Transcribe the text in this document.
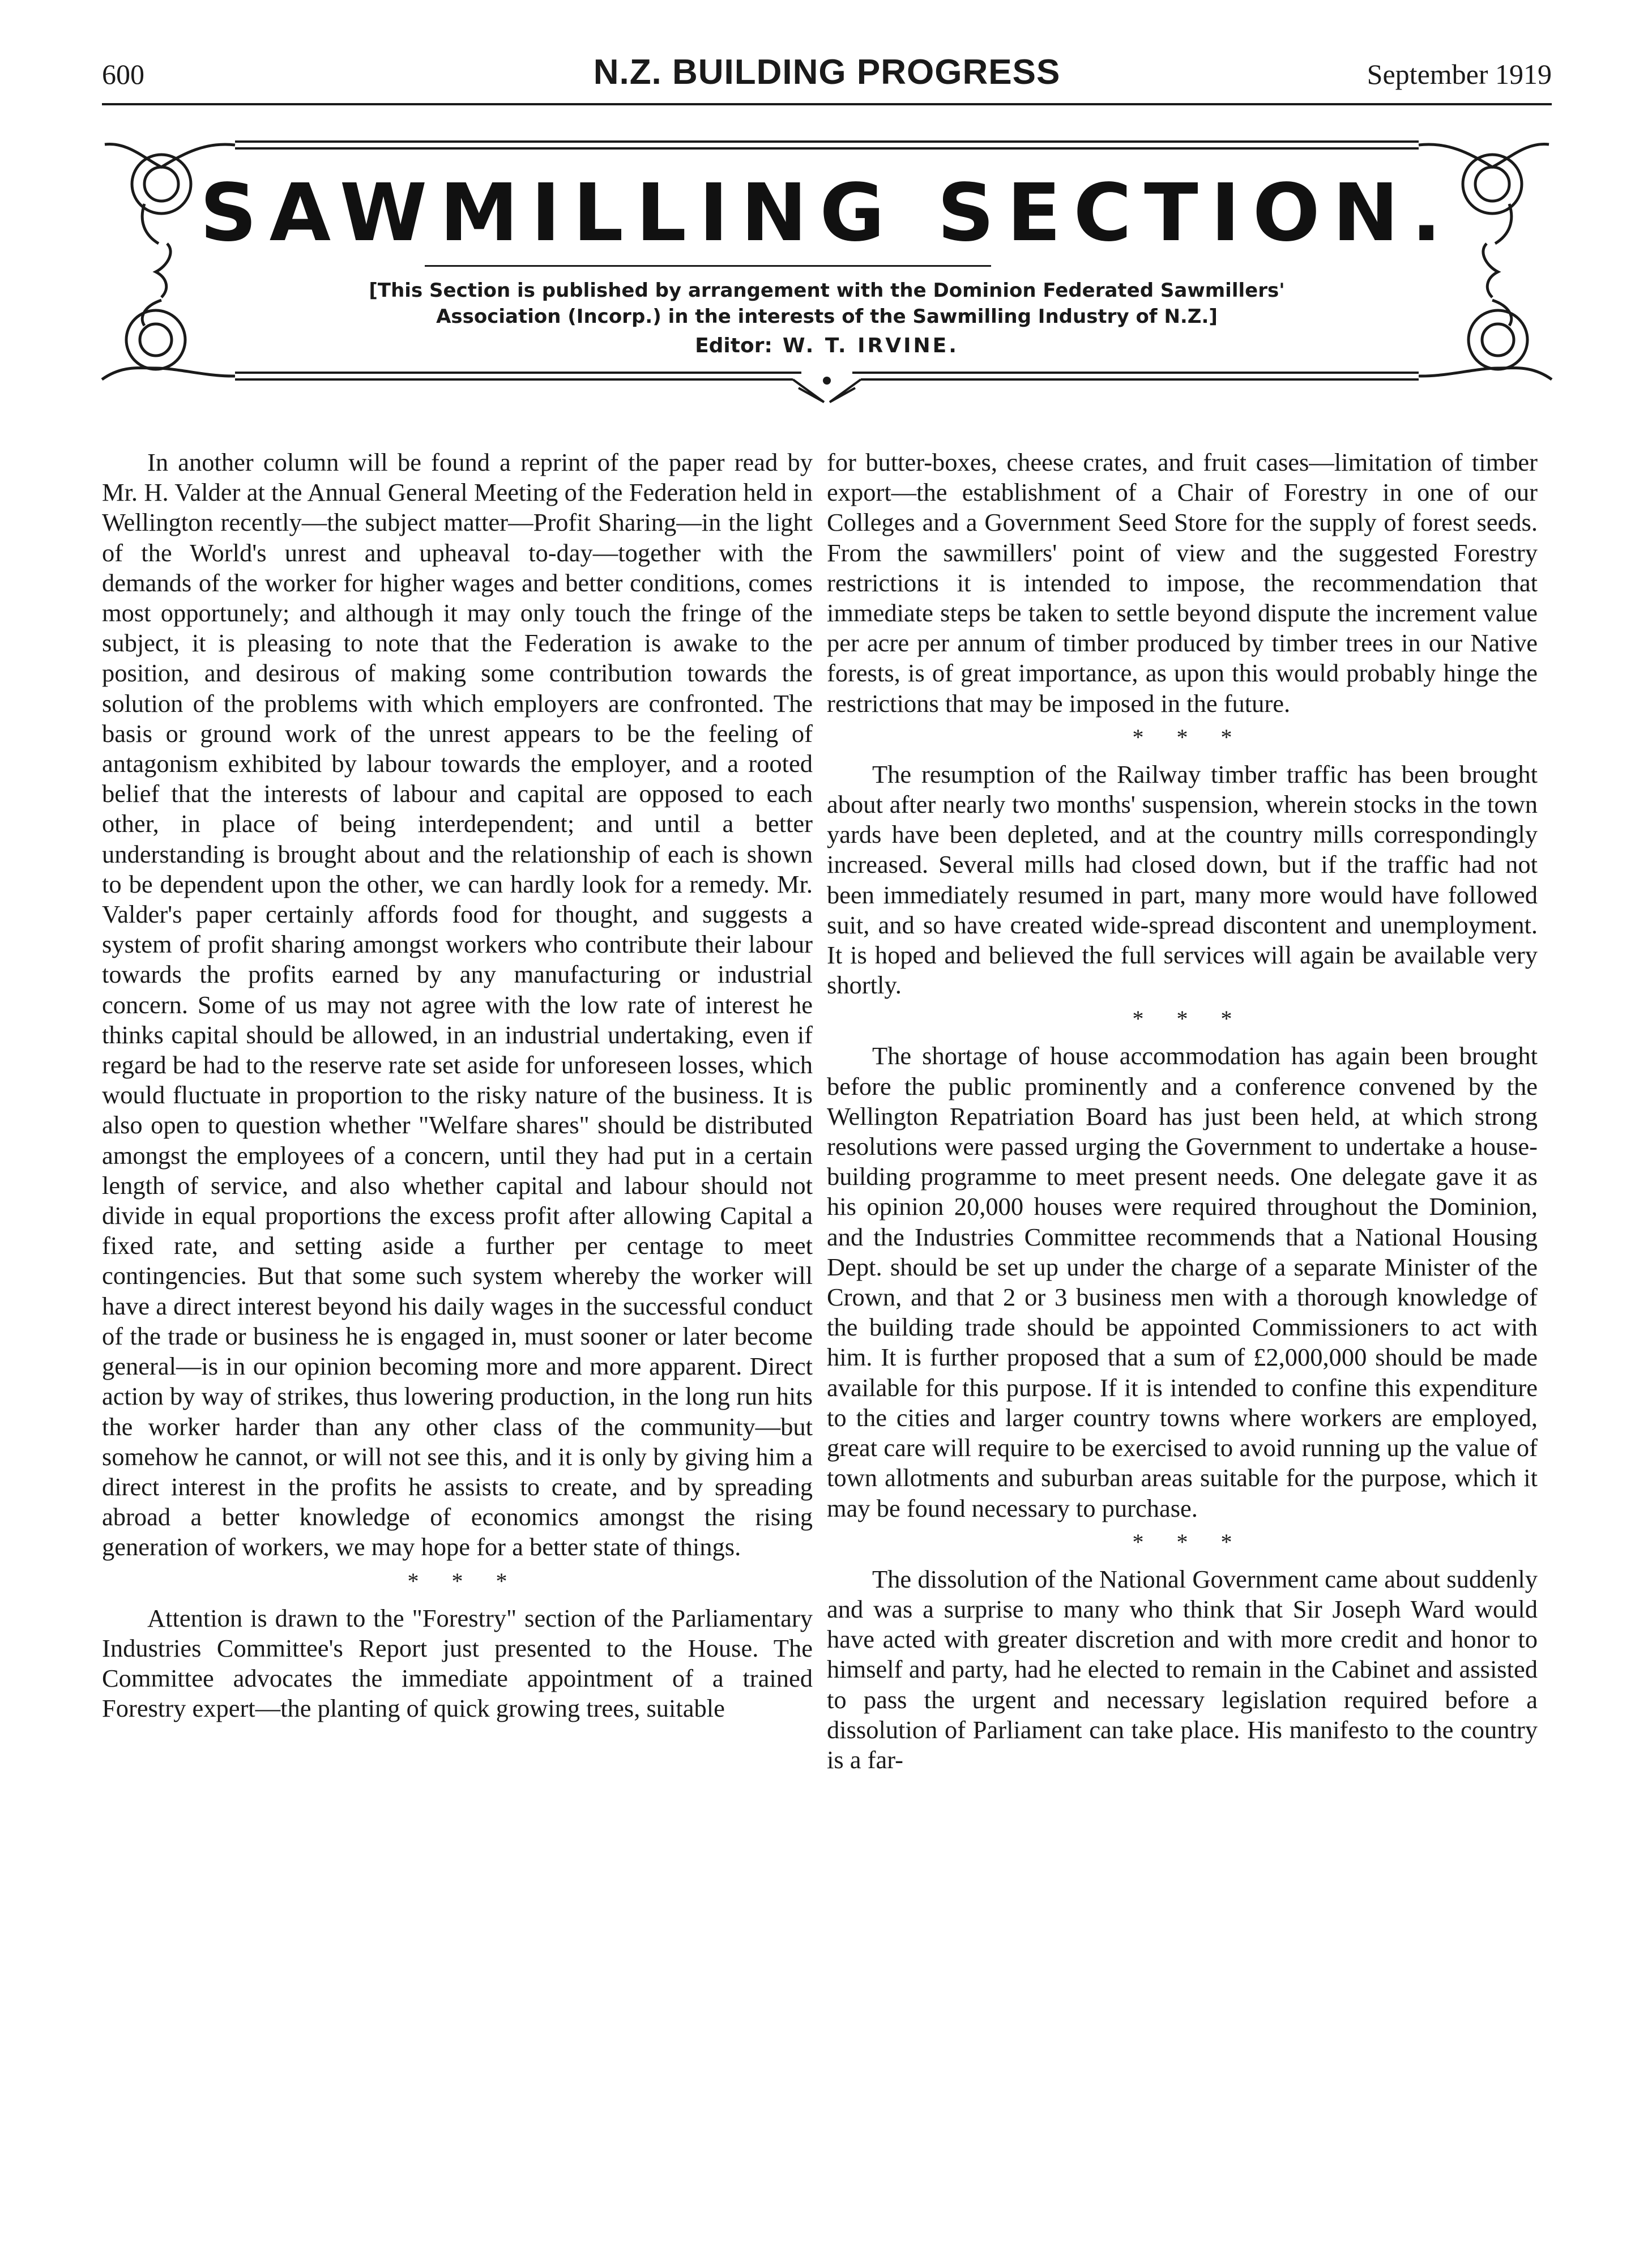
600	N.Z. BUILDING PROGRESS	September 1919
SAWMILLING SECTION.
[This Section is published by arrangement with the Dominion Federated Sawmillers'
Association (Incorp.) in the interests of the Sawmilling Industry of N.Z.]
Editor: W. T. IRVINE.

In another column will be found a reprint of the paper read by Mr. H. Valder at the Annual General Meeting of the Federation held in Wellington recently—the subject matter—Profit Sharing—in the light of the World's unrest and upheaval to-day—together with the demands of the worker for higher wages and better conditions, comes most opportunely; and although it may only touch the fringe of the subject, it is pleasing to note that the Federation is awake to the position, and desirous of making some contribution towards the solution of the problems with which employers are confronted. The basis or ground work of the unrest appears to be the feeling of antagonism exhibited by labour towards the employer, and a rooted belief that the interests of labour and capital are opposed to each other, in place of being interdependent; and until a better understanding is brought about and the relationship of each is shown to be dependent upon the other, we can hardly look for a remedy. Mr. Valder's paper certainly affords food for thought, and suggests a system of profit sharing amongst workers who contribute their labour towards the profits earned by any manufacturing or industrial concern. Some of us may not agree with the low rate of interest he thinks capital should be allowed, in an industrial undertaking, even if regard be had to the reserve rate set aside for unforeseen losses, which would fluctuate in proportion to the risky nature of the business. It is also open to question whether "Welfare shares" should be distributed amongst the employees of a concern, until they had put in a certain length of service, and also whether capital and labour should not divide in equal proportions the excess profit after allowing Capital a fixed rate, and setting aside a further per centage to meet contingencies. But that some such system whereby the worker will have a direct interest beyond his daily wages in the successful conduct of the trade or business he is engaged in, must sooner or later become general—is in our opinion becoming more and more apparent. Direct action by way of strikes, thus lowering production, in the long run hits the worker harder than any other class of the community—but somehow he cannot, or will not see this, and it is only by giving him a direct interest in the profits he assists to create, and by spreading abroad a better knowledge of economics amongst the rising generation of workers, we may hope for a better state of things.

* * *

Attention is drawn to the "Forestry" section of the Parliamentary Industries Committee's Report just presented to the House. The Committee advocates the immediate appointment of a trained Forestry expert—the planting of quick growing trees, suitable

for butter-boxes, cheese crates, and fruit cases—limitation of timber export—the establishment of a Chair of Forestry in one of our Colleges and a Government Seed Store for the supply of forest seeds. From the sawmillers' point of view and the suggested Forestry restrictions it is intended to impose, the recommendation that immediate steps be taken to settle beyond dispute the increment value per acre per annum of timber produced by timber trees in our Native forests, is of great importance, as upon this would probably hinge the restrictions that may be imposed in the future.

* * *

The resumption of the Railway timber traffic has been brought about after nearly two months' suspension, wherein stocks in the town yards have been depleted, and at the country mills correspondingly increased. Several mills had closed down, but if the traffic had not been immediately resumed in part, many more would have followed suit, and so have created wide-spread discontent and unemployment. It is hoped and believed the full services will again be available very shortly.

* * *

The shortage of house accommodation has again been brought before the public prominently and a conference convened by the Wellington Repatriation Board has just been held, at which strong resolutions were passed urging the Government to undertake a house-building programme to meet present needs. One delegate gave it as his opinion 20,000 houses were required throughout the Dominion, and the Industries Committee recommends that a National Housing Dept. should be set up under the charge of a separate Minister of the Crown, and that 2 or 3 business men with a thorough knowledge of the building trade should be appointed Commissioners to act with him. It is further proposed that a sum of £2,000,000 should be made available for this purpose. If it is intended to confine this expenditure to the cities and larger country towns where workers are employed, great care will require to be exercised to avoid running up the value of town allotments and suburban areas suitable for the purpose, which it may be found necessary to purchase.

* * *

The dissolution of the National Government came about suddenly and was a surprise to many who think that Sir Joseph Ward would have acted with greater discretion and with more credit and honor to himself and party, had he elected to remain in the Cabinet and assisted to pass the urgent and necessary legislation required before a dissolution of Parliament can take place. His manifesto to the country is a far-
